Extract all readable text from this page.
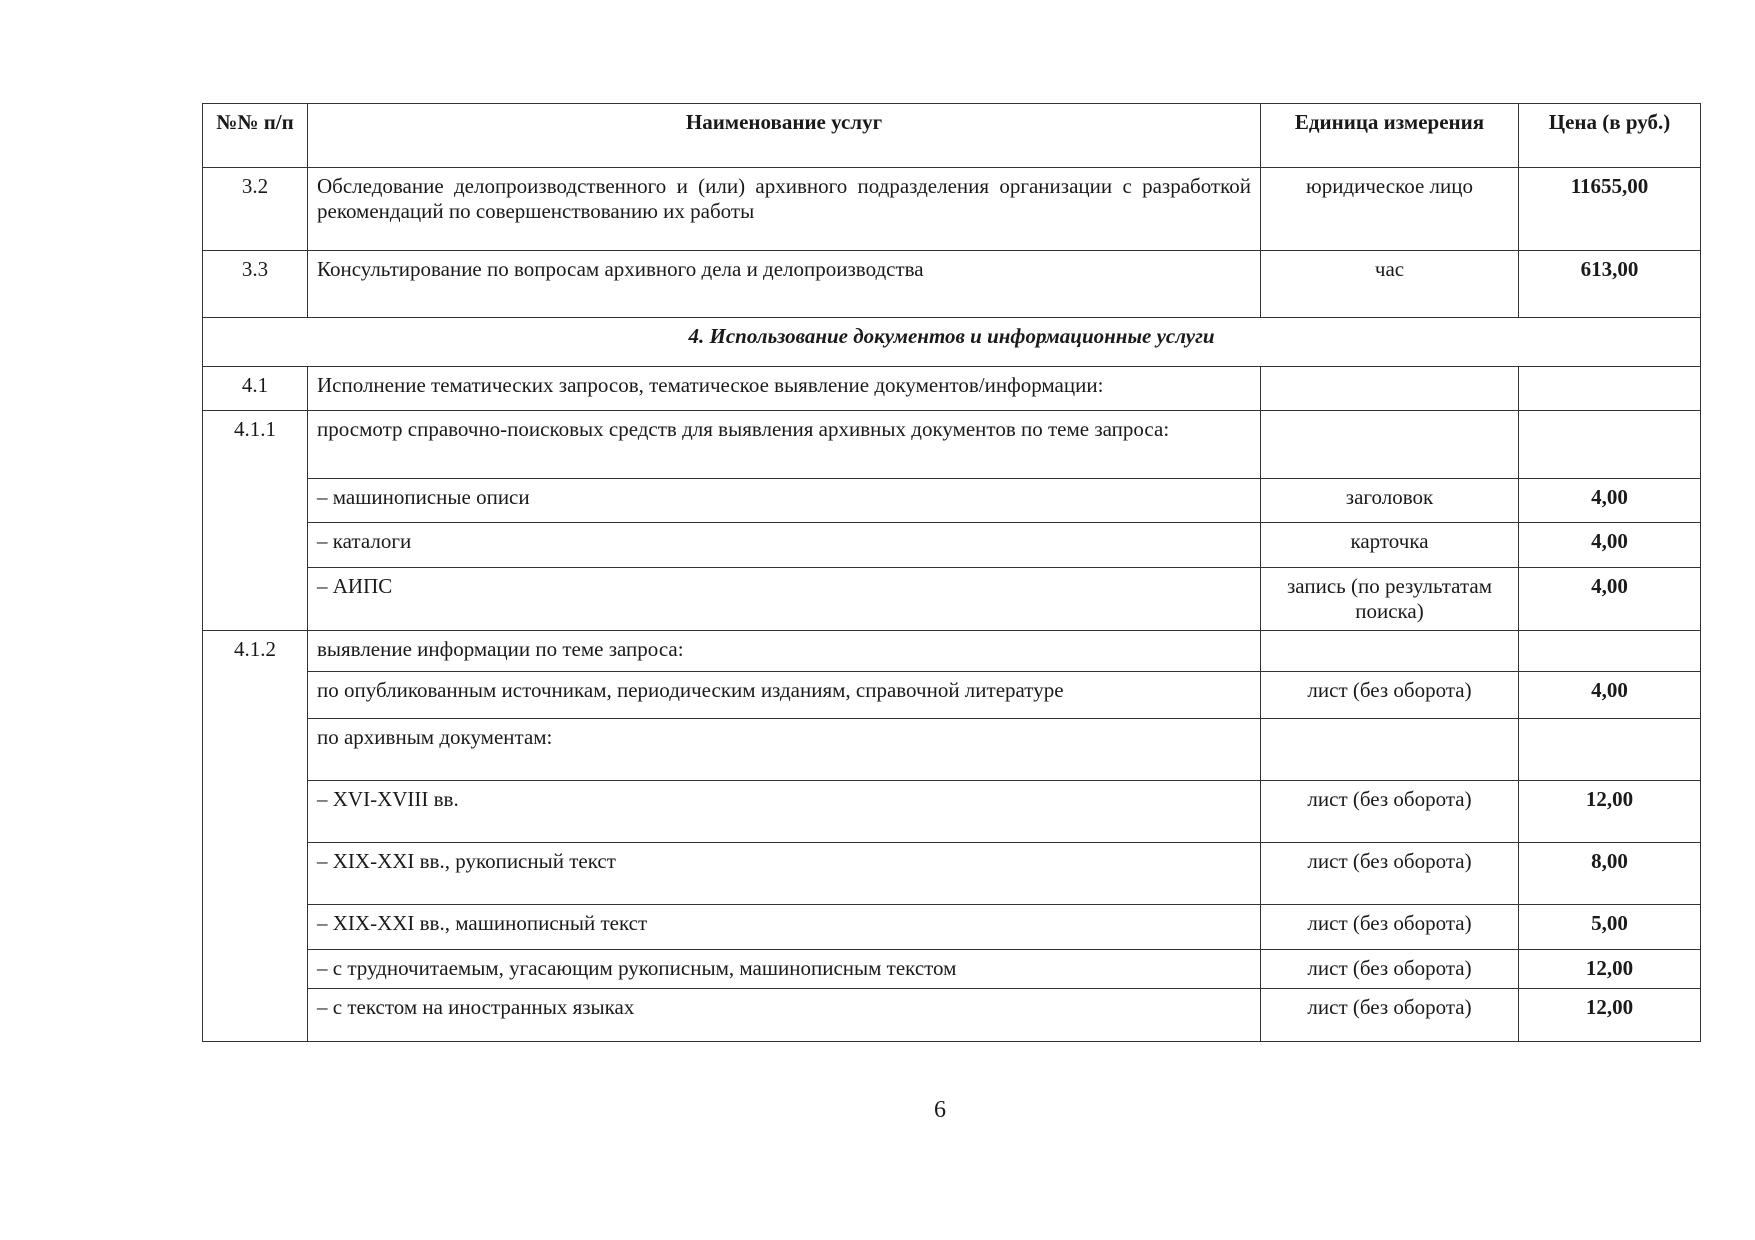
№№ п/п	Наименование услуг	Единица измерения	Цена (в руб.)
3.2	Обследование делопроизводственного и (или) архивного подразделения организации с разработкой рекомендаций по совершенствованию их работы	юридическое лицо	11655,00
3.3	Консультирование по вопросам архивного дела и делопроизводства	час	613,00
4. Использование документов и информационные услуги			
4.1	Исполнение тематических запросов, тематическое выявление документов/информации:		
4.1.1	просмотр справочно-поисковых средств для выявления архивных документов по теме запроса:		
	– машинописные описи	заголовок	4,00
	– каталоги	карточка	4,00
	– АИПС	запись (по результатам поиска)	4,00
4.1.2	выявление информации по теме запроса:		
	по опубликованным источникам, периодическим изданиям, справочной литературе	лист (без оборота)	4,00
	по архивным документам:		
	– XVI-XVIII вв.	лист (без оборота)	12,00
	– XIX-XXI вв., рукописный текст	лист (без оборота)	8,00
	– XIX-XXI вв., машинописный текст	лист (без оборота)	5,00
	– с трудночитаемым, угасающим рукописным, машинописным текстом	лист (без оборота)	12,00
	– с текстом на иностранных языках	лист (без оборота)	12,00
6
